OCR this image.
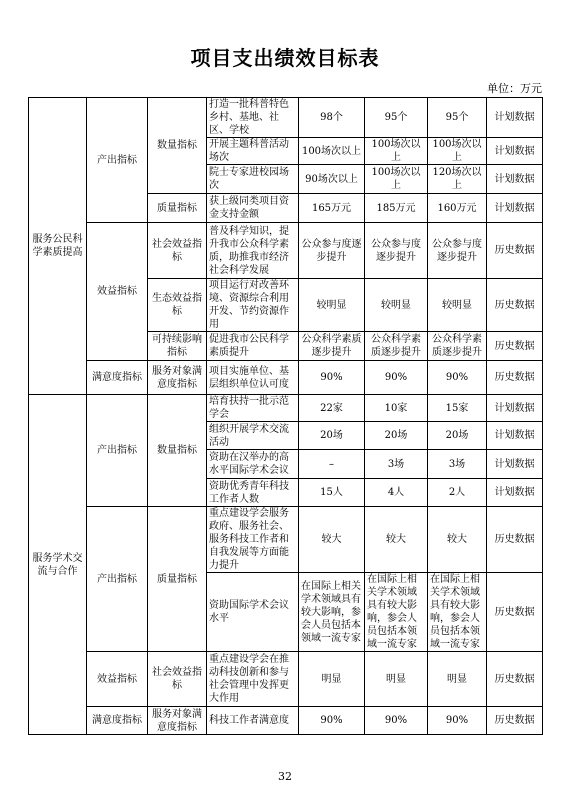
项目支出绩效目标表
单位：万元
服务公民科学素质提高	产出指标	数量指标	打造一批科普特色乡村、基地、社区、学校	98个	95个	95个	计划数据
			开展主题科普活动场次	100场次以上	100场次以上	100场次以上	计划数据
			院士专家进校园场次	90场次以上	100场次以上	120场次以上	计划数据
		质量指标	获上级同类项目资金支持金额	165万元	185万元	160万元	计划数据
	效益指标	社会效益指标	普及科学知识，提升我市公众科学素质，助推我市经济社会科学发展	公众参与度逐步提升	公众参与度逐步提升	公众参与度逐步提升	历史数据
		生态效益指标	项目运行对改善环境、资源综合利用开发、节约资源作用	较明显	较明显	较明显	历史数据
		可持续影响指标	促进我市公民科学素质提升	公众科学素质逐步提升	公众科学素质逐步提升	公众科学素质逐步提升	历史数据
	满意度指标	服务对象满意度指标	项目实施单位、基层组织单位认可度	90%	90%	90%	历史数据
服务学术交流与合作	产出指标	数量指标	培育扶持一批示范学会	22家	10家	15家	计划数据
			组织开展学术交流活动	20场	20场	20场	计划数据
			资助在汉举办的高水平国际学术会议	–	3场	3场	计划数据
			资助优秀青年科技工作者人数	15人	4人	2人	计划数据
	产出指标	质量指标	重点建设学会服务政府、服务社会、服务科技工作者和自我发展等方面能力提升	较大	较大	较大	历史数据
			资助国际学术会议水平	在国际上相关学术领域具有较大影响，参会人员包括本领域一流专家	在国际上相关学术领域具有较大影响，参会人员包括本领域一流专家	在国际上相关学术领域具有较大影响，参会人员包括本领域一流专家	历史数据
	效益指标	社会效益指标	重点建设学会在推动科技创新和参与社会管理中发挥更大作用	明显	明显	明显	历史数据
	满意度指标	服务对象满意度指标	科技工作者满意度	90%	90%	90%	历史数据
32
